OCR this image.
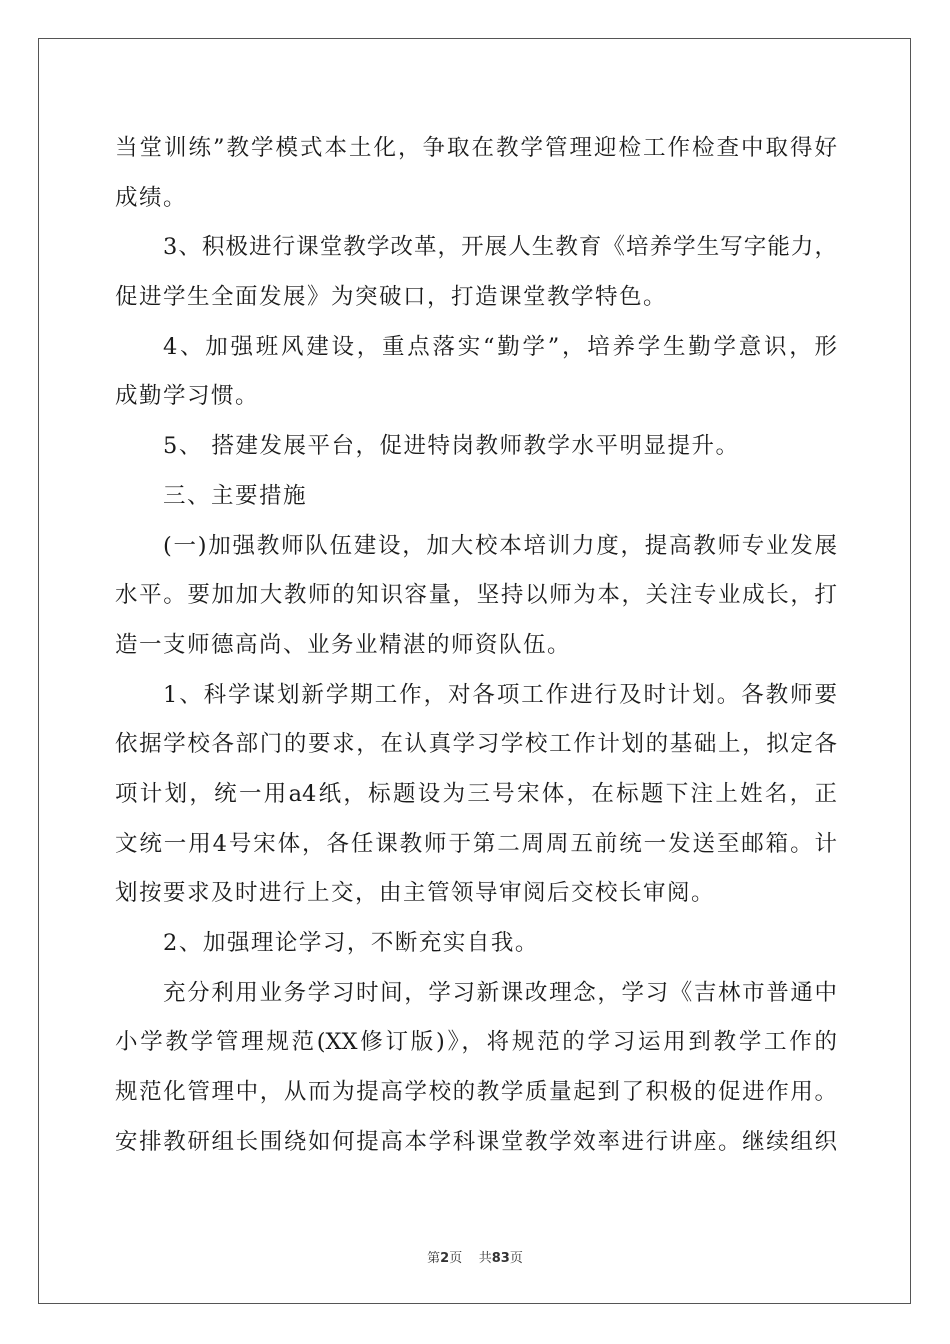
当堂训练”教学模式本土化，争取在教学管理迎检工作检查中取得好
成绩。
3、积极进行课堂教学改革，开展人生教育《培养学生写字能力，
促进学生全面发展》为突破口，打造课堂教学特色。
4、加强班风建设，重点落实“勤学”，培养学生勤学意识，形
成勤学习惯。
5、 搭建发展平台，促进特岗教师教学水平明显提升。
三、主要措施
(一)加强教师队伍建设，加大校本培训力度，提高教师专业发展
水平。要加加大教师的知识容量，坚持以师为本，关注专业成长，打
造一支师德高尚、业务业精湛的师资队伍。
1、科学谋划新学期工作，对各项工作进行及时计划。各教师要
依据学校各部门的要求，在认真学习学校工作计划的基础上，拟定各
项计划，统一用a4纸，标题设为三号宋体，在标题下注上姓名，正
文统一用4号宋体，各任课教师于第二周周五前统一发送至邮箱。计
划按要求及时进行上交，由主管领导审阅后交校长审阅。
2、加强理论学习，不断充实自我。
充分利用业务学习时间，学习新课改理念，学习《吉林市普通中
小学教学管理规范(XX修订版)》，将规范的学习运用到教学工作的
规范化管理中，从而为提高学校的教学质量起到了积极的促进作用。
安排教研组长围绕如何提高本学科课堂教学效率进行讲座。继续组织
第2页 共83页
